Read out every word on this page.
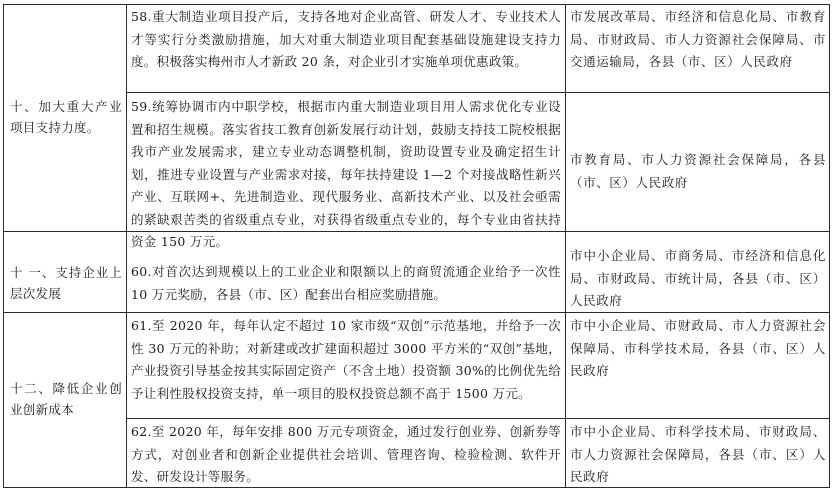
十、加大重大产业项目支持力度。
十 一、支持企业上层次发展
十二、降低企业创业创新成本
58.重大制造业项目投产后，支持各地对企业高管、研发人才、专业技术人才等实行分类激励措施，加大对重大制造业项目配套基础设施建设支持力度。积极落实梅州市人才新政 20 条，对企业引才实施单项优惠政策。
59.统筹协调市内中职学校，根据市内重大制造业项目用人需求优化专业设置和招生规模。落实省技工教育创新发展行动计划，鼓励支持技工院校根据我市产业发展需求，建立专业动态调整机制，资助设置专业及确定招生计划，推进专业设置与产业需求对接，每年扶持建设 1—2 个对接战略性新兴产业、互联网+、先进制造业、现代服务业、高新技术产业、以及社会亟需的紧缺艰苦类的省级重点专业，对获得省级重点专业的，每个专业由省扶持资金 150 万元。
60.对首次达到规模以上的工业企业和限额以上的商贸流通企业给予一次性 10 万元奖励，各县（市、区）配套出台相应奖励措施。
61.至 2020 年，每年认定不超过 10 家市级“双创”示范基地，并给予一次性 30 万元的补助；对新建或改扩建面积超过 3000 平方米的“双创”基地，产业投资引导基金按其实际固定资产（不含土地）投资额 30%的比例优先给予让利性股权投资支持，单一项目的股权投资总额不高于 1500 万元。
62.至 2020 年，每年安排 800 万元专项资金，通过发行创业券、创新券等方式，对创业者和创新企业提供社会培训、管理咨询、检验检测、软件开发、研发设计等服务。
市发展改革局、市经济和信息化局、市教育局、市财政局、市人力资源社会保障局、市交通运输局，各县（市、区）人民政府
市教育局、市人力资源社会保障局，各县（市、区）人民政府
市中小企业局、市商务局、市经济和信息化局、市财政局、市统计局，各县（市、区）人民政府
市中小企业局、市财政局、市人力资源社会保障局、市科学技术局，各县（市、区）人民政府
市中小企业局、市科学技术局、市财政局、市人力资源社会保障局，各县（市、区）人民政府
